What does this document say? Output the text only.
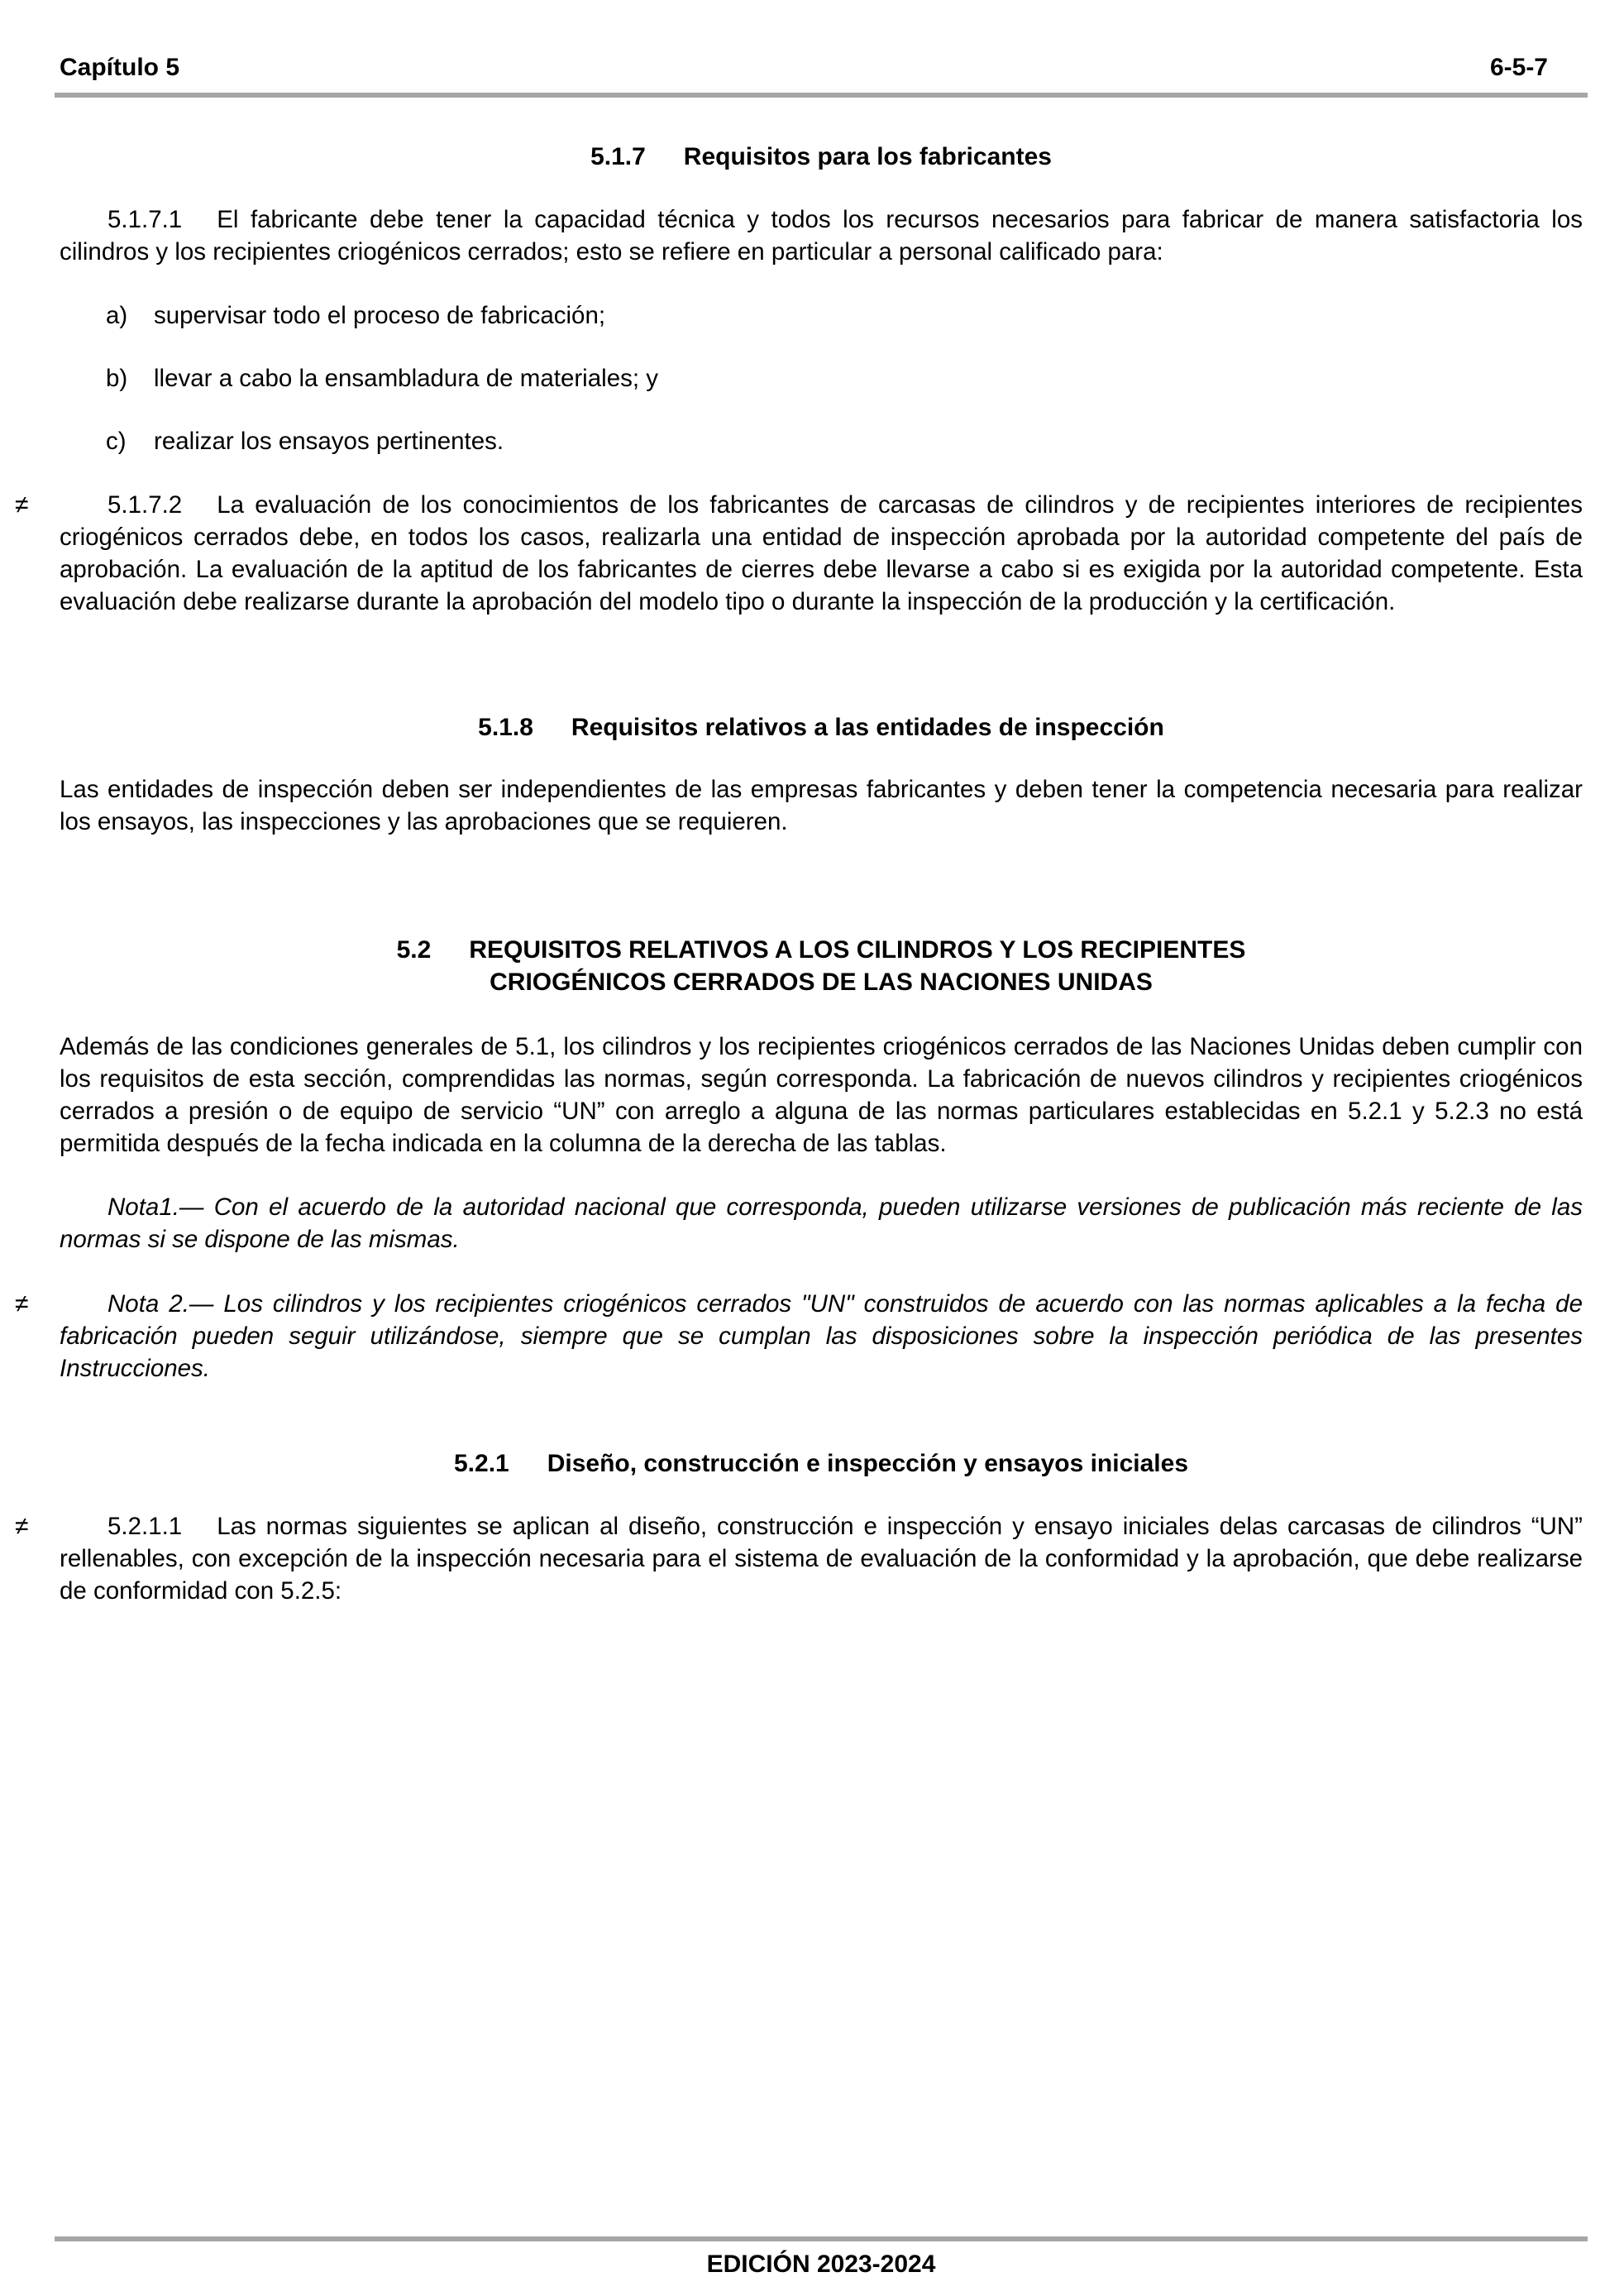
Capítulo 5	6-5-7
5.1.7 Requisitos para los fabricantes
5.1.7.1 El fabricante debe tener la capacidad técnica y todos los recursos necesarios para fabricar de manera satisfactoria los cilindros y los recipientes criogénicos cerrados; esto se refiere en particular a personal calificado para:
a) supervisar todo el proceso de fabricación;
b) llevar a cabo la ensambladura de materiales; y
c) realizar los ensayos pertinentes.
≠	5.1.7.2 La evaluación de los conocimientos de los fabricantes de carcasas de cilindros y de recipientes interiores de recipientes criogénicos cerrados debe, en todos los casos, realizarla una entidad de inspección aprobada por la autoridad competente del país de aprobación. La evaluación de la aptitud de los fabricantes de cierres debe llevarse a cabo si es exigida por la autoridad competente. Esta evaluación debe realizarse durante la aprobación del modelo tipo o durante la inspección de la producción y la certificación.
5.1.8 Requisitos relativos a las entidades de inspección
Las entidades de inspección deben ser independientes de las empresas fabricantes y deben tener la competencia necesaria para realizar los ensayos, las inspecciones y las aprobaciones que se requieren.
5.2 REQUISITOS RELATIVOS A LOS CILINDROS Y LOS RECIPIENTES
CRIOGÉNICOS CERRADOS DE LAS NACIONES UNIDAS
Además de las condiciones generales de 5.1, los cilindros y los recipientes criogénicos cerrados de las Naciones Unidas deben cumplir con los requisitos de esta sección, comprendidas las normas, según corresponda. La fabricación de nuevos cilindros y recipientes criogénicos cerrados a presión o de equipo de servicio “UN” con arreglo a alguna de las normas particulares establecidas en 5.2.1 y 5.2.3 no está permitida después de la fecha indicada en la columna de la derecha de las tablas.
Nota1.— Con el acuerdo de la autoridad nacional que corresponda, pueden utilizarse versiones de publicación más reciente de las normas si se dispone de las mismas.
≠	Nota 2.— Los cilindros y los recipientes criogénicos cerrados "UN" construidos de acuerdo con las normas aplicables a la fecha de fabricación pueden seguir utilizándose, siempre que se cumplan las disposiciones sobre la inspección periódica de las presentes Instrucciones.
5.2.1 Diseño, construcción e inspección y ensayos iniciales
≠	5.2.1.1 Las normas siguientes se aplican al diseño, construcción e inspección y ensayo iniciales delas carcasas de cilindros “UN” rellenables, con excepción de la inspección necesaria para el sistema de evaluación de la conformidad y la aprobación, que debe realizarse de conformidad con 5.2.5:
EDICIÓN 2023-2024
